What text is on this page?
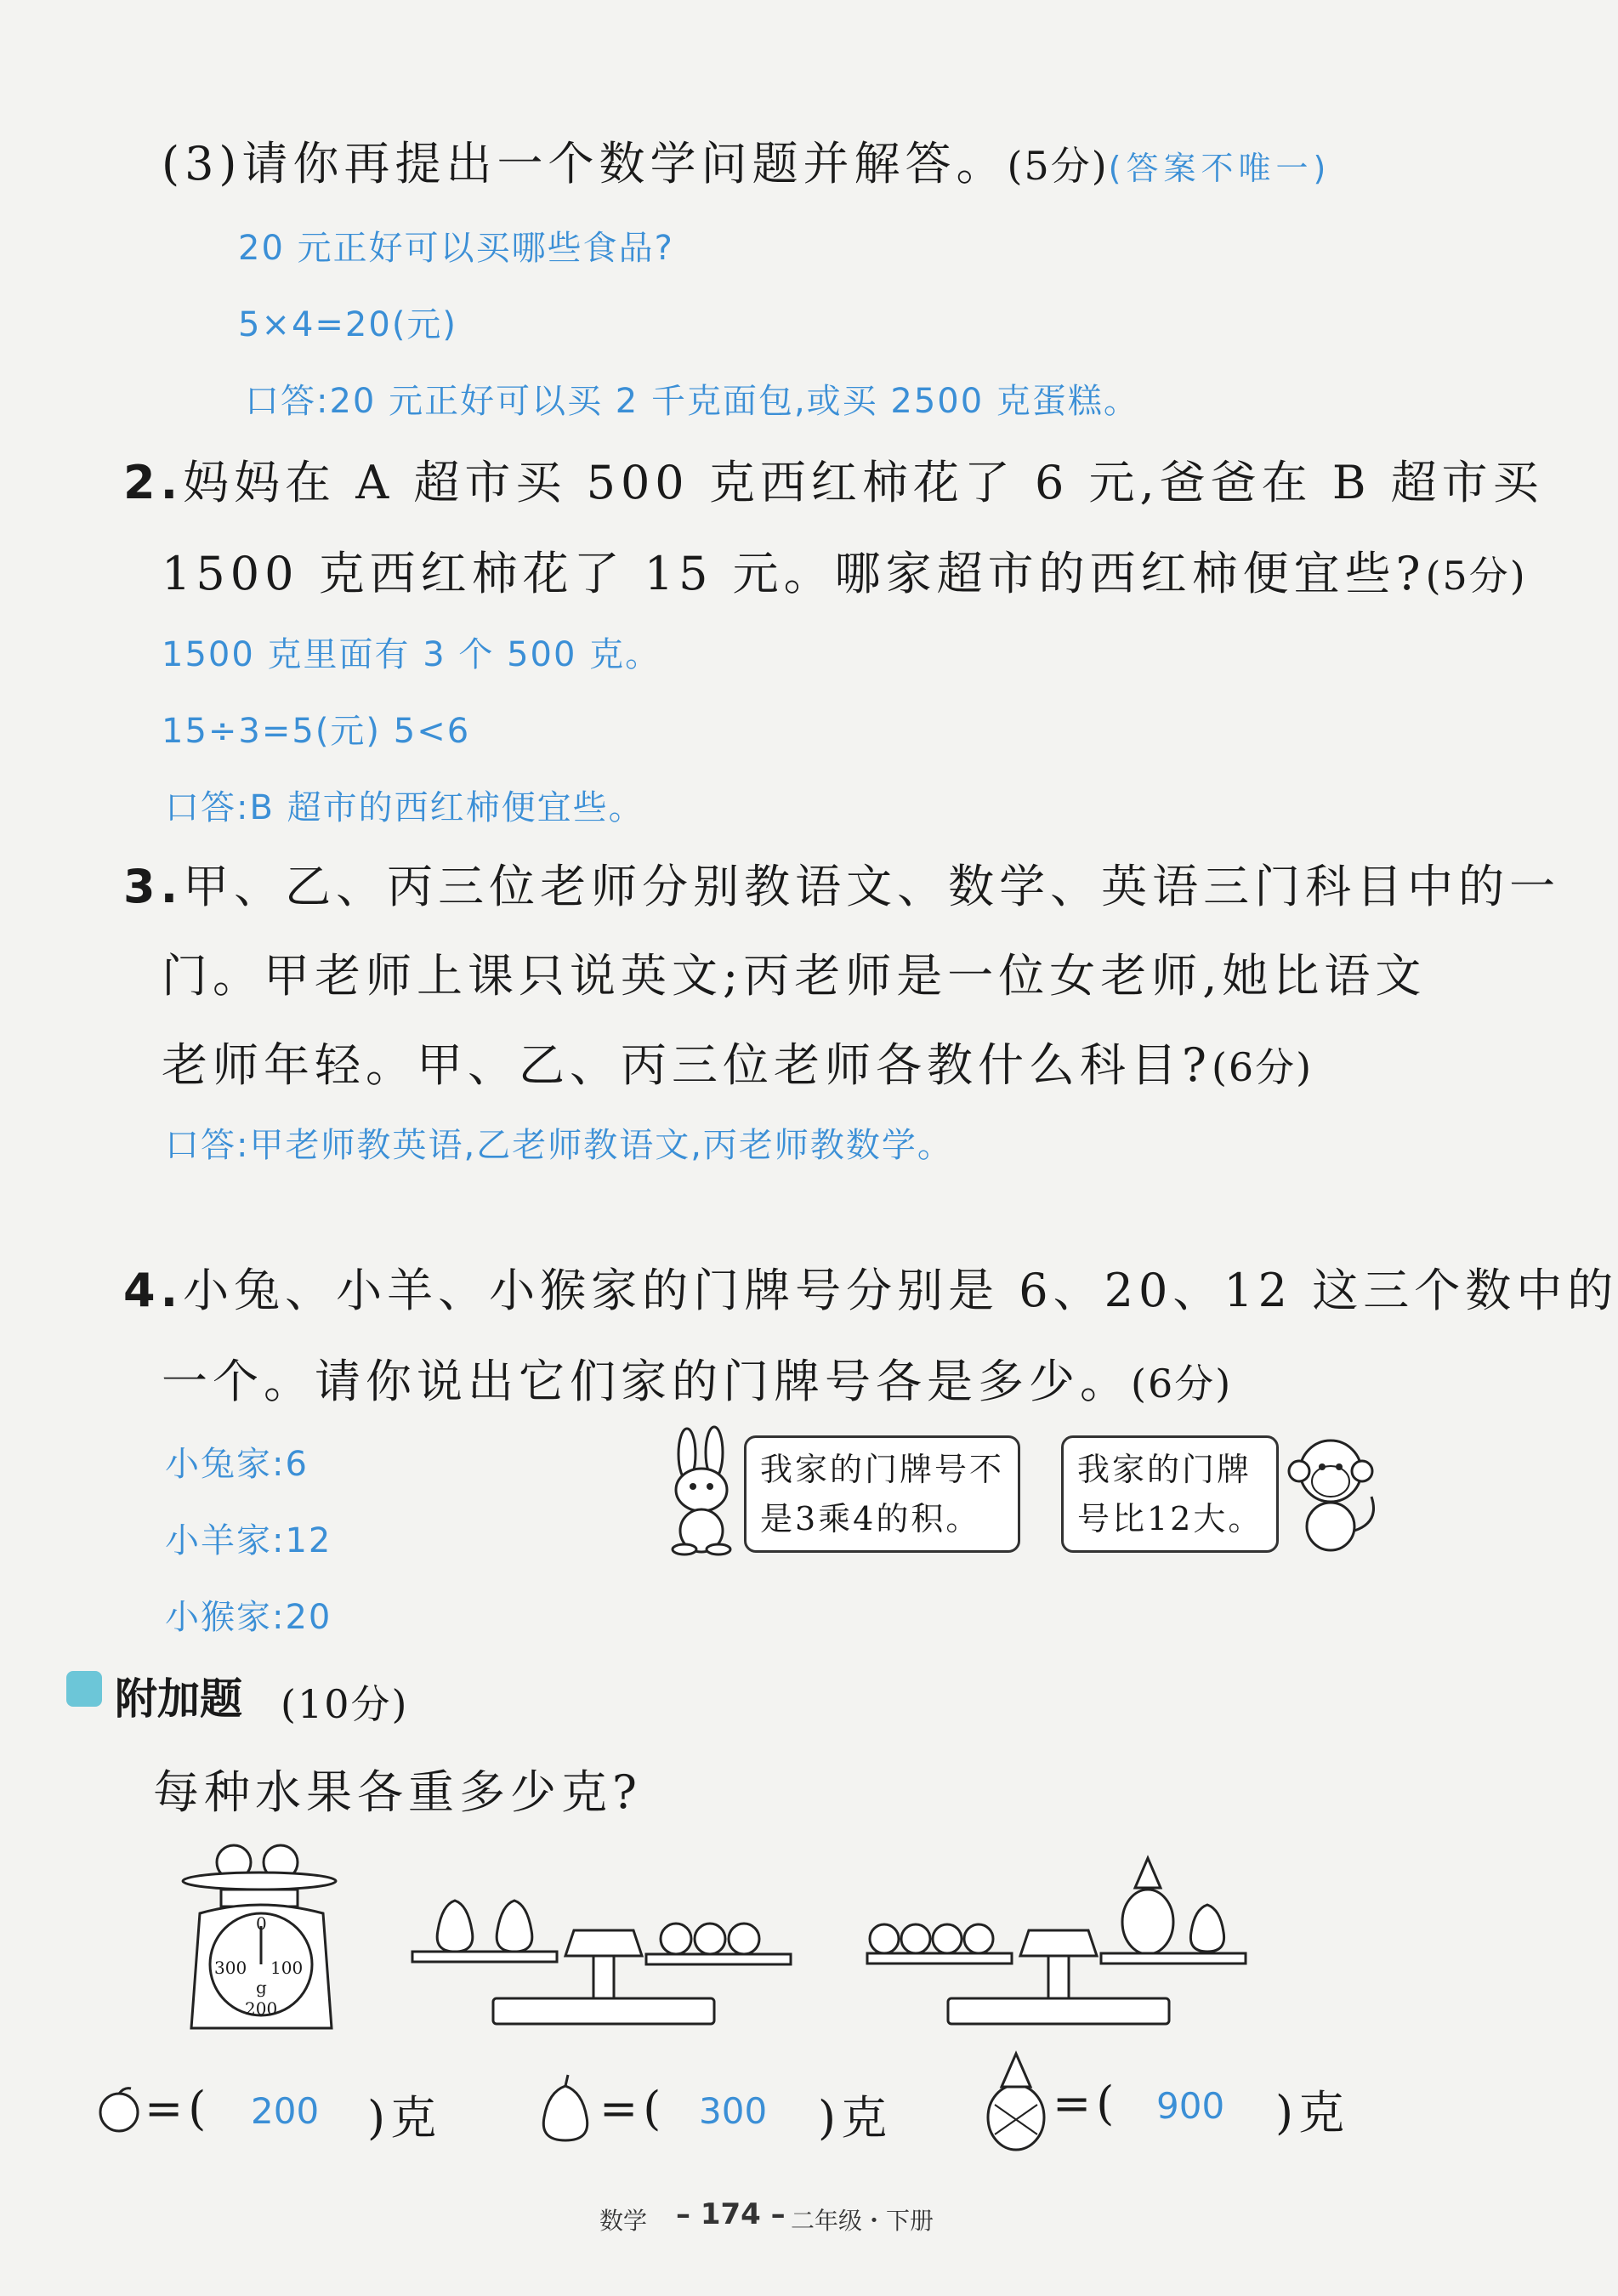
(3)请你再提出一个数学问题并解答。(5分)(答案不唯一)
20 元正好可以买哪些食品?
5×4=20(元)
口答:20 元正好可以买 2 千克面包,或买 2500 克蛋糕。
2.妈妈在 A 超市买 500 克西红柿花了 6 元,爸爸在 B 超市买
1500 克西红柿花了 15 元。哪家超市的西红柿便宜些?(5分)
1500 克里面有 3 个 500 克。
15÷3=5(元) 5<6
口答:B 超市的西红柿便宜些。
3.甲、乙、丙三位老师分别教语文、数学、英语三门科目中的一
门。甲老师上课只说英文;丙老师是一位女老师,她比语文
老师年轻。甲、乙、丙三位老师各教什么科目?(6分)
口答:甲老师教英语,乙老师教语文,丙老师教数学。
4.小兔、小羊、小猴家的门牌号分别是 6、20、12 这三个数中的
一个。请你说出它们家的门牌号各是多少。(6分)
小兔家:6
小羊家:12
小猴家:20
我家的门牌号不
是3乘4的积。
我家的门牌
号比12大。
附加题 (10分)
每种水果各重多少克?
0
300 100
g
200
=( 200 )克	=( 300 )克	=( 900 )克
数学 – 174 – 二年级・下册
